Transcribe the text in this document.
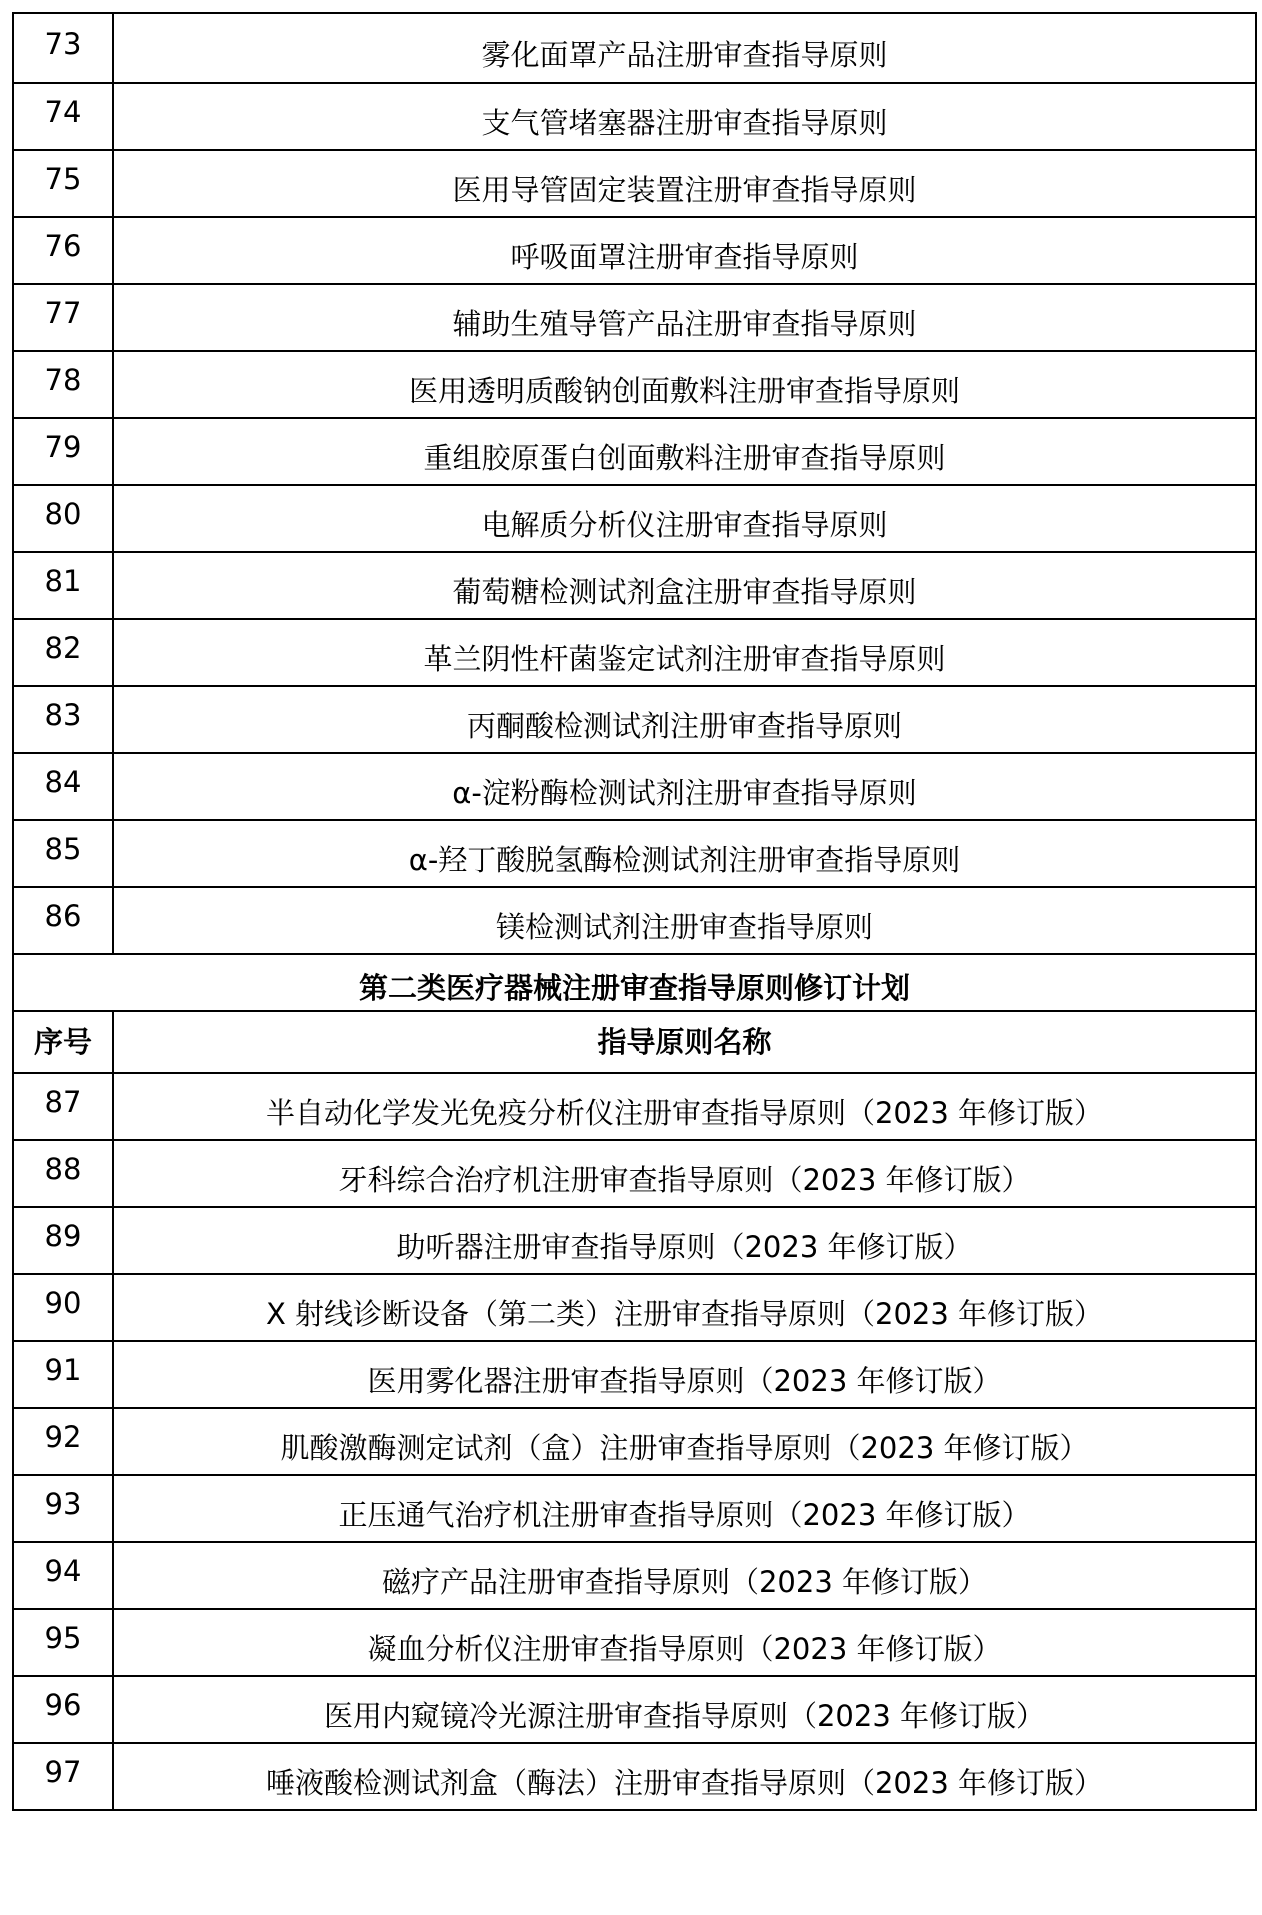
73	雾化面罩产品注册审查指导原则
74	支气管堵塞器注册审查指导原则
75	医用导管固定装置注册审查指导原则
76	呼吸面罩注册审查指导原则
77	辅助生殖导管产品注册审查指导原则
78	医用透明质酸钠创面敷料注册审查指导原则
79	重组胶原蛋白创面敷料注册审查指导原则
80	电解质分析仪注册审查指导原则
81	葡萄糖检测试剂盒注册审查指导原则
82	革兰阴性杆菌鉴定试剂注册审查指导原则
83	丙酮酸检测试剂注册审查指导原则
84	α-淀粉酶检测试剂注册审查指导原则
85	α-羟丁酸脱氢酶检测试剂注册审查指导原则
86	镁检测试剂注册审查指导原则
第二类医疗器械注册审查指导原则修订计划	
序号	指导原则名称
87	半自动化学发光免疫分析仪注册审查指导原则（2023 年修订版）
88	牙科综合治疗机注册审查指导原则（2023 年修订版）
89	助听器注册审查指导原则（2023 年修订版）
90	X 射线诊断设备（第二类）注册审查指导原则（2023 年修订版）
91	医用雾化器注册审查指导原则（2023 年修订版）
92	肌酸激酶测定试剂（盒）注册审查指导原则（2023 年修订版）
93	正压通气治疗机注册审查指导原则（2023 年修订版）
94	磁疗产品注册审查指导原则（2023 年修订版）
95	凝血分析仪注册审查指导原则（2023 年修订版）
96	医用内窥镜冷光源注册审查指导原则（2023 年修订版）
97	唾液酸检测试剂盒（酶法）注册审查指导原则（2023 年修订版）
